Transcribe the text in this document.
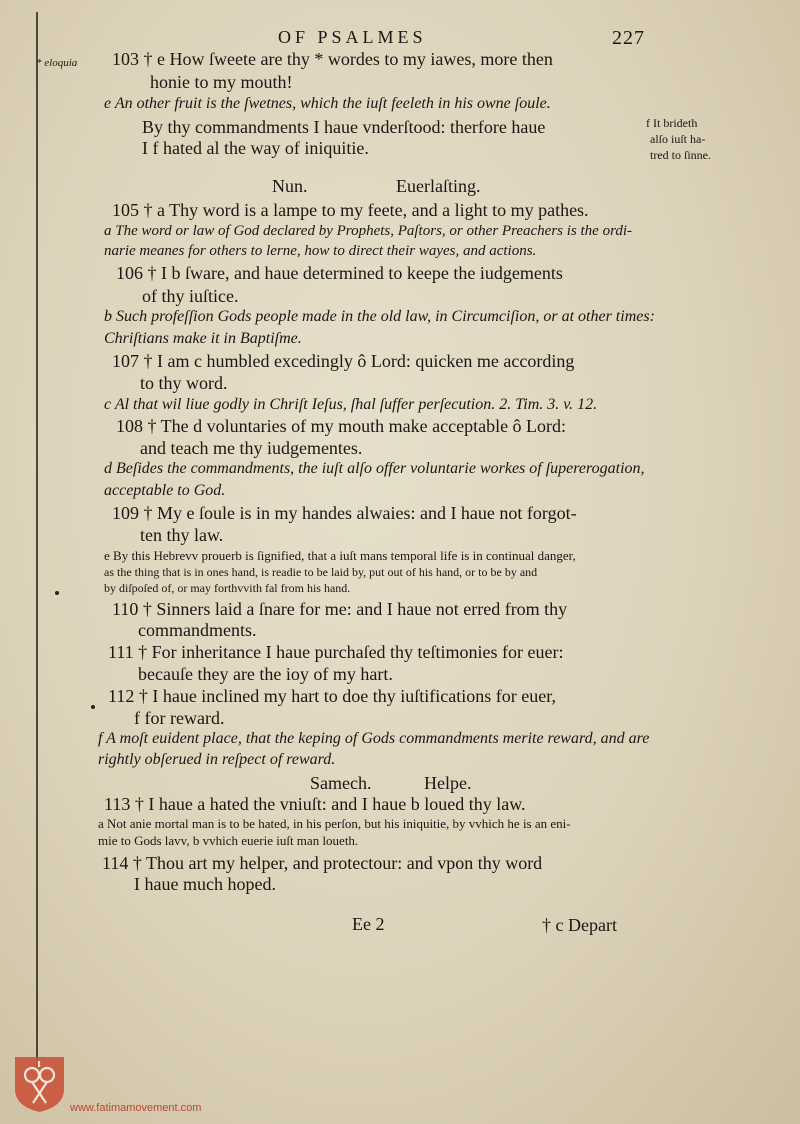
OF PSALMES	227
* eloquia 103 † e How ſweete are thy * wordes to my iawes, more then
honie to my mouth!
e An other fruit is the ſwetnes, which the iuſt feeleth in his owne ſoule.
By thy commandments I haue vnderſtood: therfore haue
I f hated al the way of iniquitie.
f It brideth
alſo iuſt ha-
tred to ſinne.
Nun.	Euerlaſting.
105 † a Thy word is a lampe to my feete, and a light to my pathes.
a The word or law of God declared by Prophets, Paſtors, or other Preachers is the ordi-
narie meanes for others to lerne, how to direct their wayes, and actions.
106 † I b ſware, and haue determined to keepe the iudgements
of thy iuſtice.
b Such profeſſion Gods people made in the old law, in Circumciſion, or at other times:
Chriſtians make it in Baptiſme.
107 † I am c humbled excedingly ô Lord: quicken me according
to thy word.
c Al that wil liue godly in Chriſt Ieſus, ſhal ſuffer perſecution. 2. Tim. 3. v. 12.
108 † The d voluntaries of my mouth make acceptable ô Lord:
and teach me thy iudgementes.
d Beſides the commandments, the iuſt alſo offer voluntarie workes of ſupererogation,
acceptable to God.
109 † My e ſoule is in my handes alwaies: and I haue not forgot-
ten thy law.
e By this Hebrevv prouerb is ſignified, that a iuſt mans temporal life is in continual danger,
as the thing that is in ones hand, is readie to be laid by, put out of his hand, or to be by and
by diſpoſed of, or may forthvvith fal from his hand.
110 † Sinners laid a ſnare for me: and I haue not erred from thy
commandments.
111 † For inheritance I haue purchaſed thy teſtimonies for euer:
becauſe they are the ioy of my hart.
112 † I haue inclined my hart to doe thy iuſtifications for euer,
f for reward.
f A moſt euident place, that the keping of Gods commandments merite reward, and are
rightly obſerued in reſpect of reward.
Samech.	Helpe.
113 † I haue a hated the vniuſt: and I haue b loued thy law.
a Not anie mortal man is to be hated, in his perſon, but his iniquitie, by vvhich he is an eni-
mie to Gods lavv, b vvhich euerie iuſt man loueth.
114 † Thou art my helper, and protectour: and vpon thy word
I haue much hoped.
Ee 2	† c Depart
www.fatimamovement.com
